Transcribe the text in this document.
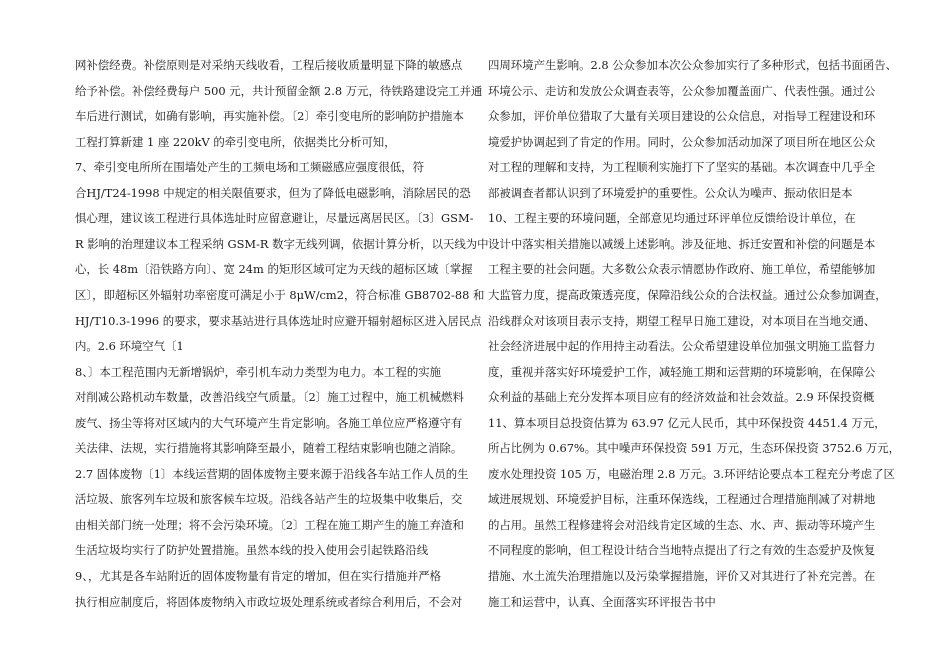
网补偿经费。补偿原则是对采纳天线收看，工程后接收质量明显下降的敏感点
给予补偿。补偿经费每户 500 元，共计预留金额 2.8 万元，待铁路建设完工并通
车后进行测试，如确有影响，再实施补偿。〔2〕牵引变电所的影响防护措施本
工程打算新建 1 座 220kV 的牵引变电所，依据类比分析可知，
7、牵引变电所所在围墙处产生的工频电场和工频磁感应强度很低，符
合HJ/T24-1998 中规定的相关限值要求，但为了降低电磁影响，消除居民的恐
惧心理，建议该工程进行具体选址时应留意避让，尽量远离居民区。〔3〕GSM-
R 影响的治理建议本工程采纳 GSM-R 数字无线列调，依据计算分析，以天线为中
心，长 48m〔沿铁路方向〕、宽 24m 的矩形区域可定为天线的超标区域〔掌握
区〕，即超标区外辐射功率密度可满足小于 8μW/cm2，符合标准 GB8702-88 和
HJ/T10.3-1996 的要求，要求基站进行具体选址时应避开辐射超标区进入居民点
内。2.6 环境空气〔1
8、〕本工程范围内无新增锅炉，牵引机车动力类型为电力。本工程的实施
对削减公路机动车数量，改善沿线空气质量。〔2〕施工过程中，施工机械燃料
废气、扬尘等将对区域内的大气环境产生肯定影响。各施工单位应严格遵守有
关法律、法规，实行措施将其影响降至最小，随着工程结束影响也随之消除。
2.7 固体废物〔1〕本线运营期的固体废物主要来源于沿线各车站工作人员的生
活垃圾、旅客列车垃圾和旅客候车垃圾。沿线各站产生的垃圾集中收集后，交
由相关部门统一处理；将不会污染环境。〔2〕工程在施工期产生的施工弃渣和
生活垃圾均实行了防护处置措施。虽然本线的投入使用会引起铁路沿线
9、，尤其是各车站附近的固体废物量有肯定的增加，但在实行措施并严格
执行相应制度后，将固体废物纳入市政垃圾处理系统或者综合利用后，不会对
四周环境产生影响。2.8 公众参加本次公众参加实行了多种形式，包括书面函告、
环境公示、走访和发放公众调查表等，公众参加覆盖面广、代表性强。通过公
众参加，评价单位猎取了大量有关项目建设的公众信息，对指导工程建设和环
境爱护协调起到了肯定的作用。同时，公众参加活动加深了项目所在地区公众
对工程的理解和支持，为工程顺利实施打下了坚实的基础。本次调查中几乎全
部被调查者都认识到了环境爱护的重要性。公众认为噪声、振动依旧是本
10、工程主要的环境问题，全部意见均通过环评单位反馈给设计单位，在
设计中落实相关措施以减缓上述影响。涉及征地、拆迁安置和补偿的问题是本
工程主要的社会问题。大多数公众表示情愿协作政府、施工单位，希望能够加
大监管力度，提高政策透亮度，保障沿线公众的合法权益。通过公众参加调查，
沿线群众对该项目表示支持，期望工程早日施工建设，对本项目在当地交通、
社会经济进展中起的作用持主动看法。公众希望建设单位加强文明施工监督力
度，重视并落实好环境爱护工作，减轻施工期和运营期的环境影响，在保障公
众利益的基础上充分发挥本项目应有的经济效益和社会效益。2.9 环保投资概
11、算本项目总投资估算为 63.97 亿元人民币，其中环保投资 4451.4 万元，
所占比例为 0.67%。其中噪声环保投资 591 万元，生态环保投资 3752.6 万元，
废水处理投资 105 万，电磁治理 2.8 万元。3.环评结论要点本工程充分考虑了区
域进展规划、环境爱护目标，注重环保选线，工程通过合理措施削减了对耕地
的占用。虽然工程修建将会对沿线肯定区域的生态、水、声、振动等环境产生
不同程度的影响，但工程设计结合当地特点提出了行之有效的生态爱护及恢复
措施、水土流失治理措施以及污染掌握措施，评价又对其进行了补充完善。在
施工和运营中，认真、全面落实环评报告书中
